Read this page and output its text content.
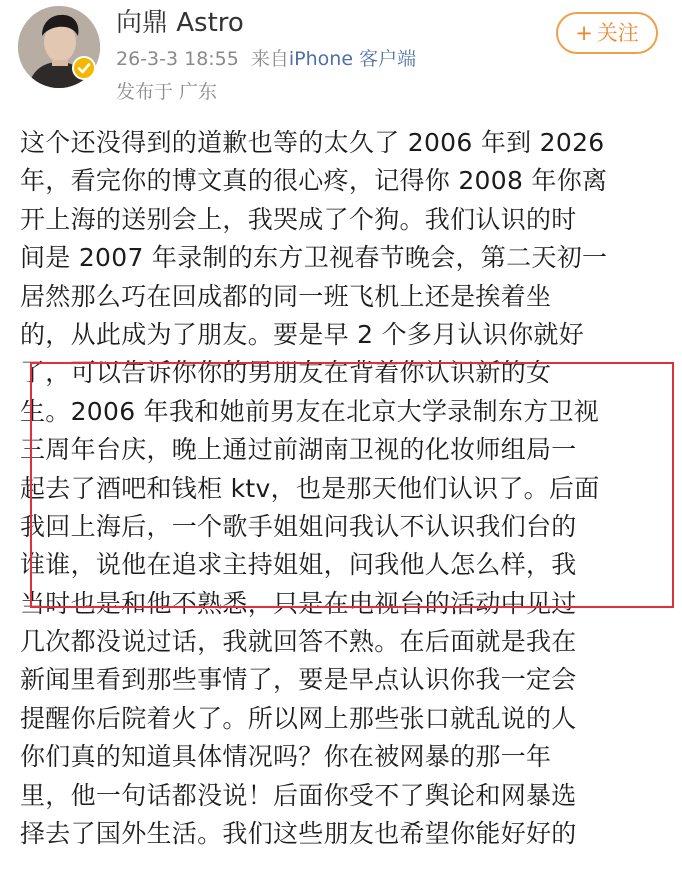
向鼎 Astro
26-3-3 18:55 来自iPhone 客户端
发布于 广东
+ 关注
这个还没得到的道歉也等的太久了 2006 年到 2026
年，看完你的博文真的很心疼，记得你 2008 年你离
开上海的送别会上，我哭成了个狗。我们认识的时
间是 2007 年录制的东方卫视春节晚会，第二天初一
居然那么巧在回成都的同一班飞机上还是挨着坐
的，从此成为了朋友。要是早 2 个多月认识你就好
了，可以告诉你你的男朋友在背着你认识新的女
生。2006 年我和她前男友在北京大学录制东方卫视
三周年台庆，晚上通过前湖南卫视的化妆师组局一
起去了酒吧和钱柜 ktv，也是那天他们认识了。后面
我回上海后，一个歌手姐姐问我认不认识我们台的
谁谁，说他在追求主持姐姐，问我他人怎么样，我
当时也是和他不熟悉，只是在电视台的活动中见过
几次都没说过话，我就回答不熟。在后面就是我在
新闻里看到那些事情了，要是早点认识你我一定会
提醒你后院着火了。所以网上那些张口就乱说的人
你们真的知道具体情况吗？你在被网暴的那一年
里，他一句话都没说！后面你受不了舆论和网暴选
择去了国外生活。我们这些朋友也希望你能好好的
